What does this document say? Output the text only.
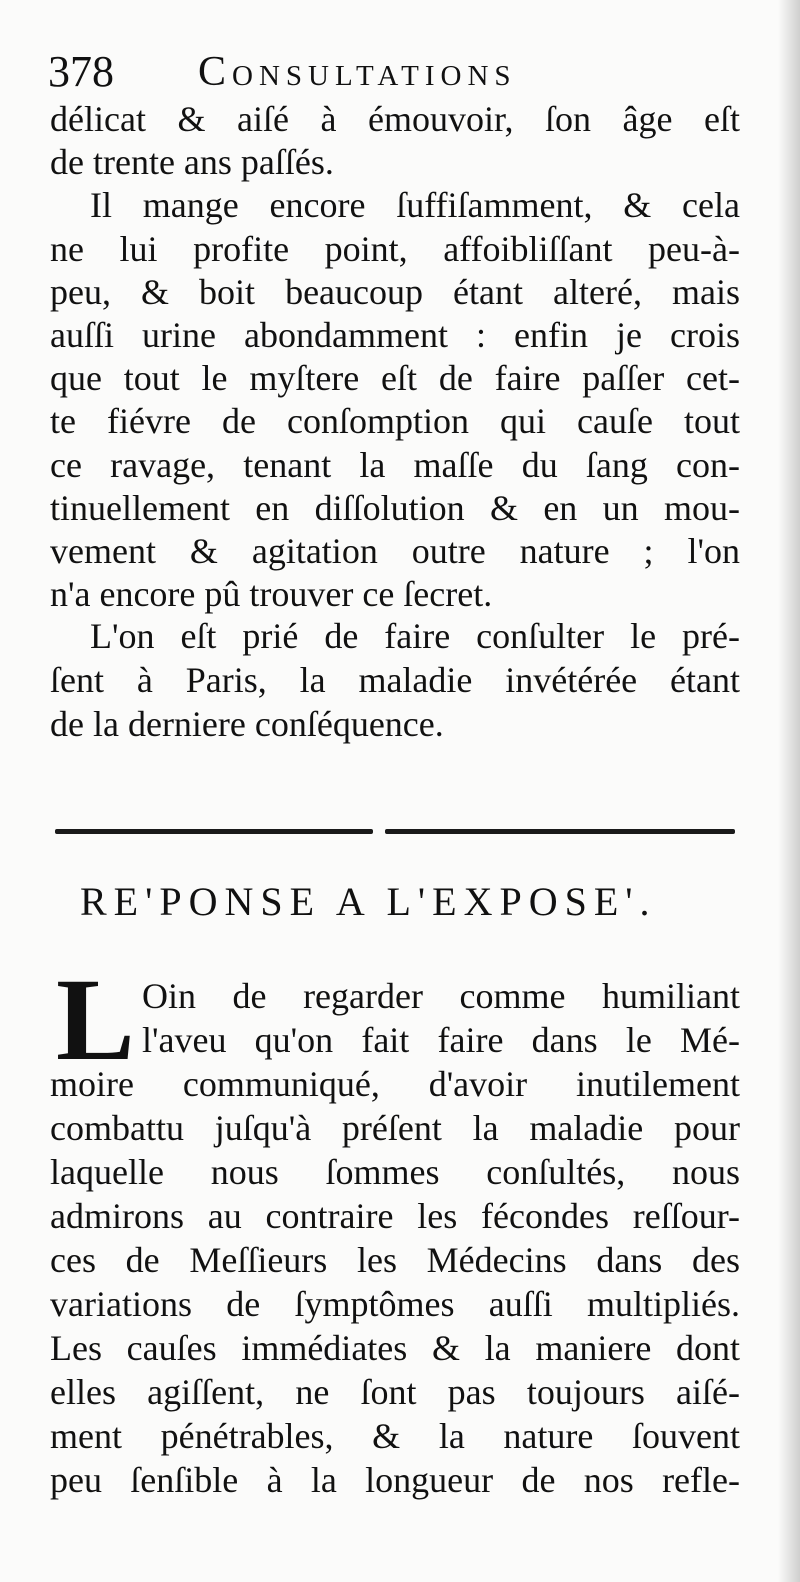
378 Consultations
délicat & aiſé à émouvoir, ſon âge eſt
de trente ans paſſés.
Il mange encore ſuffiſamment, & cela
ne lui profite point, affoibliſſant peu-à-
peu, & boit beaucoup étant alteré, mais
auſſi urine abondamment : enfin je crois
que tout le myſtere eſt de faire paſſer cet-
te fiévre de conſomption qui cauſe tout
ce ravage, tenant la maſſe du ſang con-
tinuellement en diſſolution & en un mou-
vement & agitation outre nature ; l'on
n'a encore pû trouver ce ſecret.
L'on eſt prié de faire conſulter le pré-
ſent à Paris, la maladie invétérée étant
de la derniere conſéquence.
RE'PONSE A L'EXPOSE'.
L Oin de regarder comme humiliant
l'aveu qu'on fait faire dans le Mé-
moire communiqué, d'avoir inutilement
combattu juſqu'à préſent la maladie pour
laquelle nous ſommes conſultés, nous
admirons au contraire les fécondes reſſour-
ces de Meſſieurs les Médecins dans des
variations de ſymptômes auſſi multipliés.
Les cauſes immédiates & la maniere dont
elles agiſſent, ne ſont pas toujours aiſé-
ment pénétrables, & la nature ſouvent
peu ſenſible à la longueur de nos refle-
